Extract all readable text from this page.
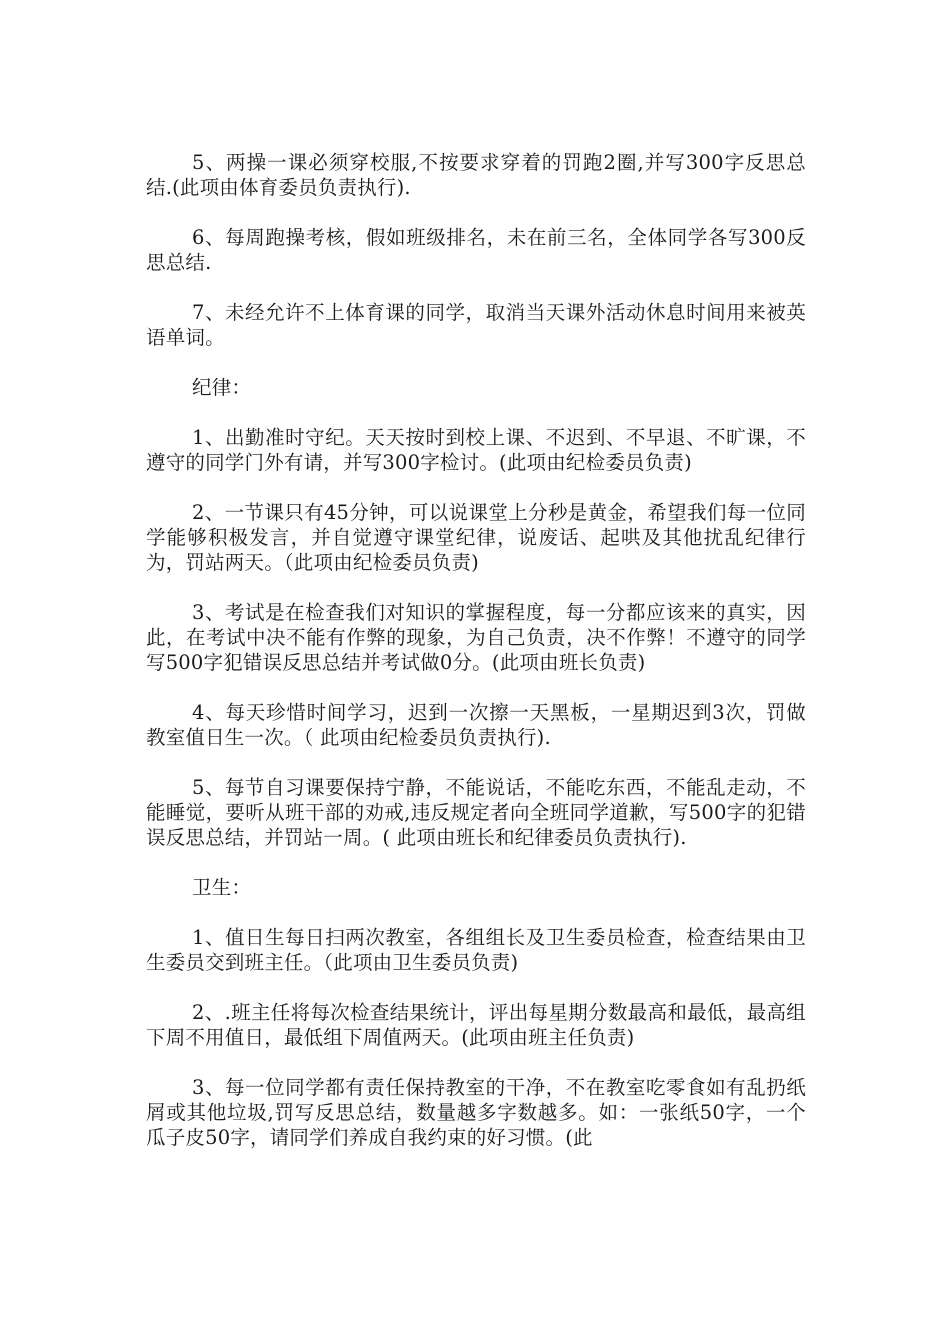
5、两操一课必须穿校服,不按要求穿着的罚跑2圈,并写300字反思总结.(此项由体育委员负责执行).

6、每周跑操考核，假如班级排名，未在前三名，全体同学各写300反思总结.

7、未经允许不上体育课的同学，取消当天课外活动休息时间用来被英语单词。

纪律：

1、出勤准时守纪。天天按时到校上课、不迟到、不早退、不旷课，不遵守的同学门外有请，并写300字检讨。(此项由纪检委员负责)

2、一节课只有45分钟，可以说课堂上分秒是黄金，希望我们每一位同学能够积极发言，并自觉遵守课堂纪律，说废话、起哄及其他扰乱纪律行为，罚站两天。（此项由纪检委员负责)

3、考试是在检查我们对知识的掌握程度，每一分都应该来的真实，因此，在考试中决不能有作弊的现象，为自己负责，决不作弊！不遵守的同学写500字犯错误反思总结并考试做0分。(此项由班长负责)

4、每天珍惜时间学习，迟到一次擦一天黑板，一星期迟到3次，罚做教室值日生一次。（ 此项由纪检委员负责执行).

5、每节自习课要保持宁静，不能说话，不能吃东西，不能乱走动，不能睡觉，要听从班干部的劝戒,违反规定者向全班同学道歉，写500字的犯错误反思总结，并罚站一周。( 此项由班长和纪律委员负责执行).

卫生：

1、值日生每日扫两次教室，各组组长及卫生委员检查，检查结果由卫生委员交到班主任。（此项由卫生委员负责)

2、.班主任将每次检查结果统计，评出每星期分数最高和最低，最高组下周不用值日，最低组下周值两天。(此项由班主任负责)

3、每一位同学都有责任保持教室的干净，不在教室吃零食如有乱扔纸屑或其他垃圾,罚写反思总结，数量越多字数越多。如：一张纸50字，一个瓜子皮50字，请同学们养成自我约束的好习惯。(此
